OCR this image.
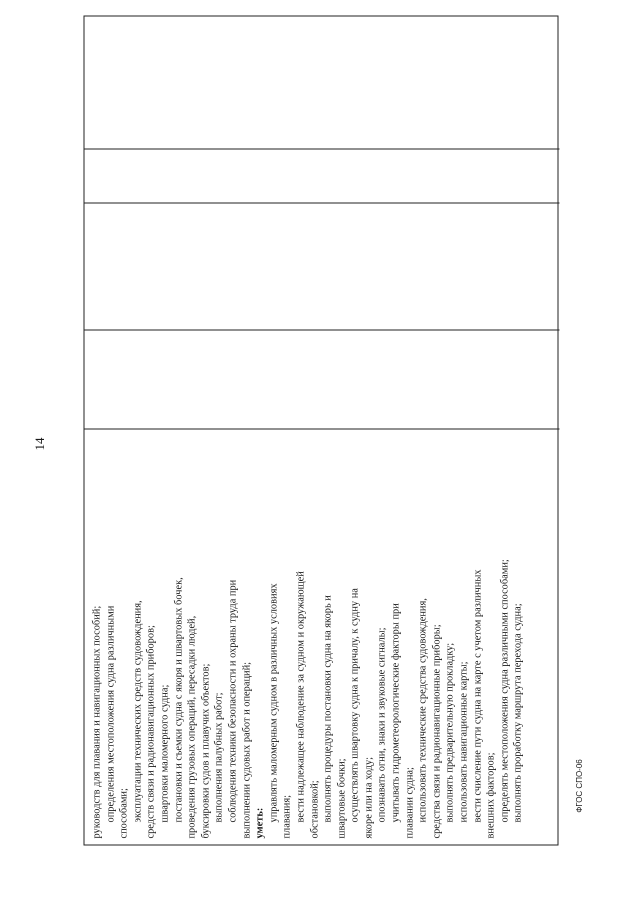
14

руководств для плавания и навигационных пособий; определения местоположения судна различными способами; эксплуатации технических средств судовождения, средств связи и радионавигационных приборов; швартовки маломерного судна; постановки и съемки судна с якоря и швартовых бочек, проведения грузовых операций, пересадки людей, буксировки судов и плавучих объектов; выполнения палубных работ; соблюдения техники безопасности и охраны труда при выполнении судовых работ и операций; уметь:

управлять маломерным судном в различных условиях плавания; вести надлежащее наблюдение за судном и окружающей обстановкой; выполнять процедуры постановки судна на якорь и швартовые бочки; осуществлять швартовку судна к причалу, к судну на якоре или на ходу; опознавать огни, знаки и звуковые сигналы; учитывать гидрометеорологические факторы при плавании судна; использовать технические средства судовождения, средства связи и радионавигационные приборы; выполнять предварительную прокладку; использовать навигационные карты; вести счисление пути судна на карте с учетом различных внешних факторов; определять местоположения судна различными способами; выполнять проработку маршрута перехода судна;	ФГОС СПО-06
